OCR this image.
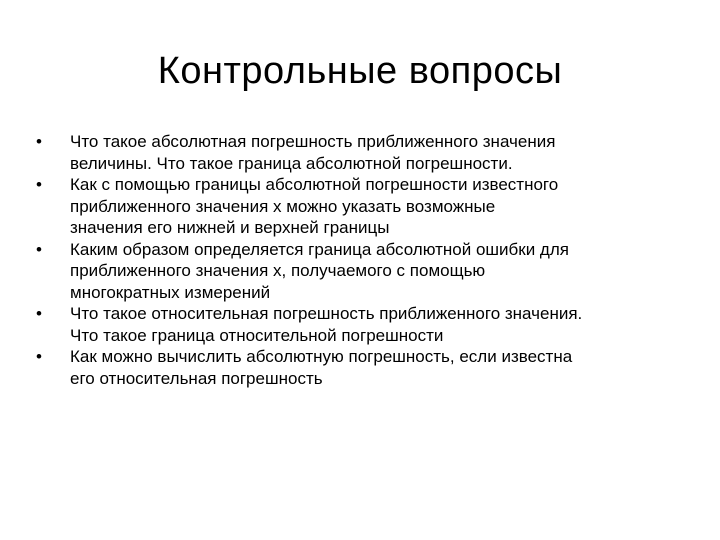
Контрольные вопросы
•	Что такое абсолютная погрешность приближенного значения
величины. Что такое граница абсолютной погрешности.
•	Как с помощью границы абсолютной погрешности известного
приближенного значения х можно указать возможные
значения его нижней и верхней границы
•	Каким образом определяется граница абсолютной ошибки для
приближенного значения х, получаемого с помощью
многократных измерений
•	Что такое относительная погрешность приближенного значения.
Что такое граница относительной погрешности
•	Как можно вычислить абсолютную погрешность, если известна
его относительная погрешность
